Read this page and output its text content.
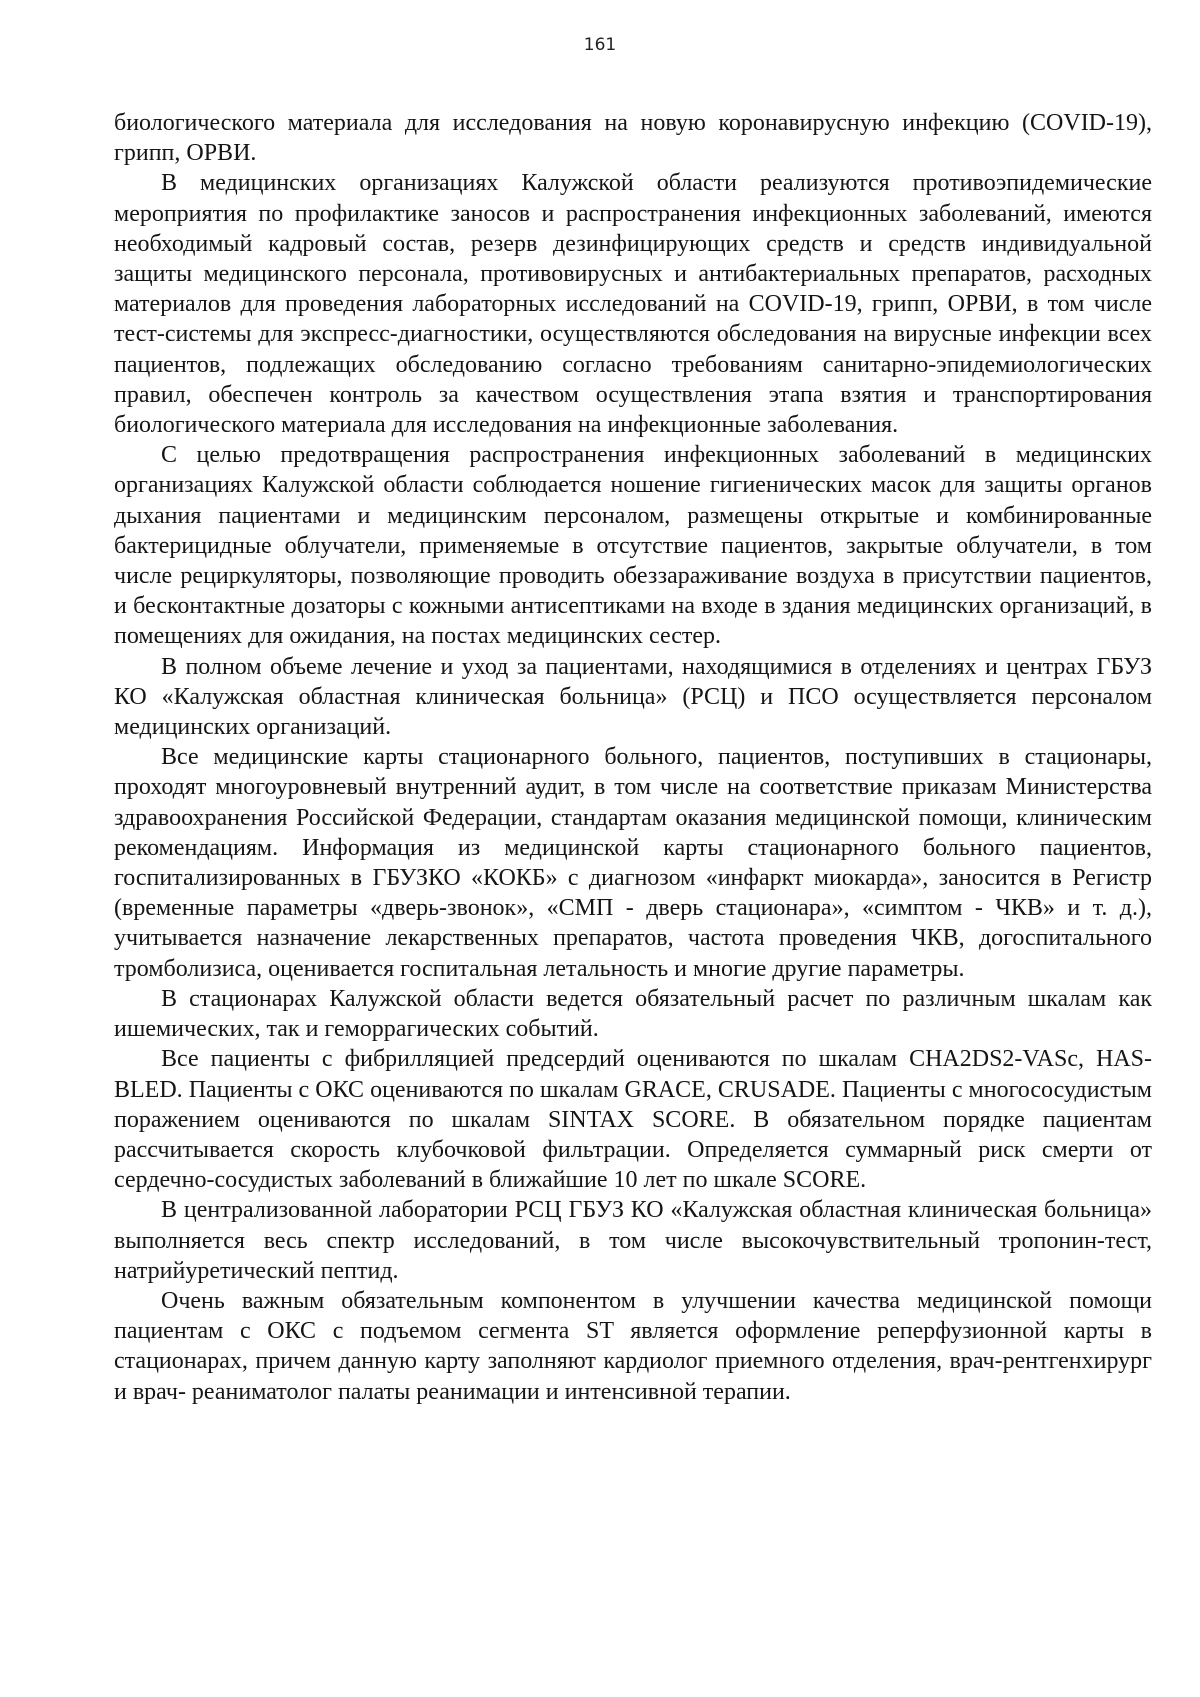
161

биологического материала для исследования на новую коронавирусную инфекцию (COVID-19), грипп, ОРВИ.

В медицинских организациях Калужской области реализуются противоэпидемические мероприятия по профилактике заносов и распространения инфекционных заболеваний, имеются необходимый кадровый состав, резерв дезинфицирующих средств и средств индивидуальной защиты медицинского персонала, противовирусных и антибактериальных препаратов, расходных материалов для проведения лабораторных исследований на COVID-19, грипп, ОРВИ, в том числе тест-системы для экспресс-диагностики, осуществляются обследования на вирусные инфекции всех пациентов, подлежащих обследованию согласно требованиям санитарно-эпидемиологических правил, обеспечен контроль за качеством осуществления этапа взятия и транспортирования биологического материала для исследования на инфекционные заболевания.

С целью предотвращения распространения инфекционных заболеваний в медицинских организациях Калужской области соблюдается ношение гигиенических масок для защиты органов дыхания пациентами и медицинским персоналом, размещены открытые и комбинированные бактерицидные облучатели, применяемые в отсутствие пациентов, закрытые облучатели, в том числе рециркуляторы, позволяющие проводить обеззараживание воздуха в присутствии пациентов, и бесконтактные дозаторы с кожными антисептиками на входе в здания медицинских организаций, в помещениях для ожидания, на постах медицинских сестер.

В полном объеме лечение и уход за пациентами, находящимися в отделениях и центрах ГБУЗ КО «Калужская областная клиническая больница» (РСЦ) и ПСО осуществляется персоналом медицинских организаций.

Все медицинские карты стационарного больного, пациентов, поступивших в стационары, проходят многоуровневый внутренний аудит, в том числе на соответствие приказам Министерства здравоохранения Российской Федерации, стандартам оказания медицинской помощи, клиническим рекомендациям. Информация из медицинской карты стационарного больного пациентов, госпитализированных в ГБУЗКО «КОКБ» с диагнозом «инфаркт миокарда», заносится в Регистр (временные параметры «дверь-звонок», «СМП - дверь стационара», «симптом - ЧКВ» и т. д.), учитывается назначение лекарственных препаратов, частота проведения ЧКВ, догоспитального тромболизиса, оценивается госпитальная летальность и многие другие параметры.

В стационарах Калужской области ведется обязательный расчет по различным шкалам как ишемических, так и геморрагических событий.

Все пациенты с фибрилляцией предсердий оцениваются по шкалам CHA2DS2-VASc, HAS-BLED. Пациенты с ОКС оцениваются по шкалам GRACE, CRUSADE. Пациенты с многососудистым поражением оцениваются по шкалам SINTAX SCORE. В обязательном порядке пациентам рассчитывается скорость клубочковой фильтрации. Определяется суммарный риск смерти от сердечно-сосудистых заболеваний в ближайшие 10 лет по шкале SCORE.

В централизованной лаборатории РСЦ ГБУЗ КО «Калужская областная клиническая больница» выполняется весь спектр исследований, в том числе высокочувствительный тропонин-тест, натрийуретический пептид.

Очень важным обязательным компонентом в улучшении качества медицинской помощи пациентам с ОКС с подъемом сегмента ST является оформление реперфузионной карты в стационарах, причем данную карту заполняют кардиолог приемного отделения, врач-рентгенхирург и врач- реаниматолог палаты реанимации и интенсивной терапии.
